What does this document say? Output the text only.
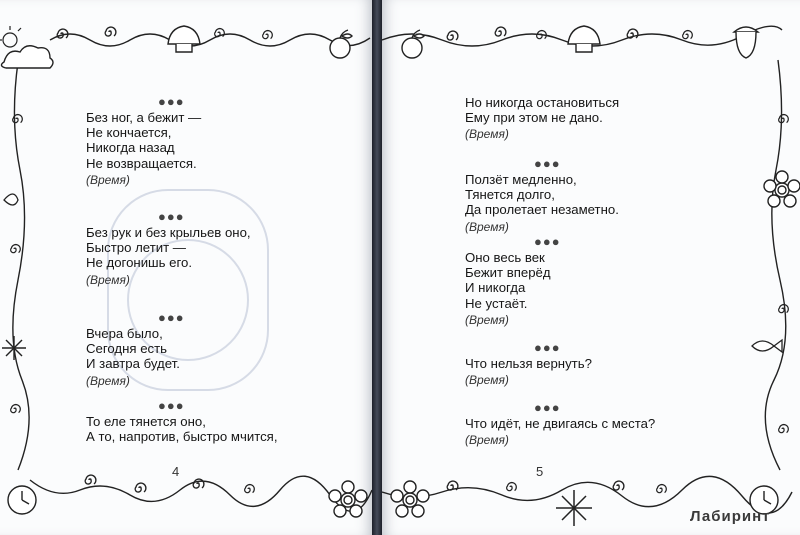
●●●
Без ног, а бежит —
Не кончается,
Никогда назад
Не возвращается.
(Время)
●●●
Без рук и без крыльев оно,
Быстро летит —
Не догонишь его.
(Время)
●●●
Вчера было,
Сегодня есть
И завтра будет.
(Время)
●●●
То еле тянется оно,
А то, напротив, быстро мчится,
4
Но никогда остановиться
Ему при этом не дано.
(Время)
●●●
Ползёт медленно,
Тянется долго,
Да пролетает незаметно.
(Время)
●●●
Оно весь век
Бежит вперёд
И никогда
Не устаёт.
(Время)
●●●
Что нельзя вернуть?
(Время)
●●●
Что идёт, не двигаясь с места?
(Время)
5
Лабиринт
